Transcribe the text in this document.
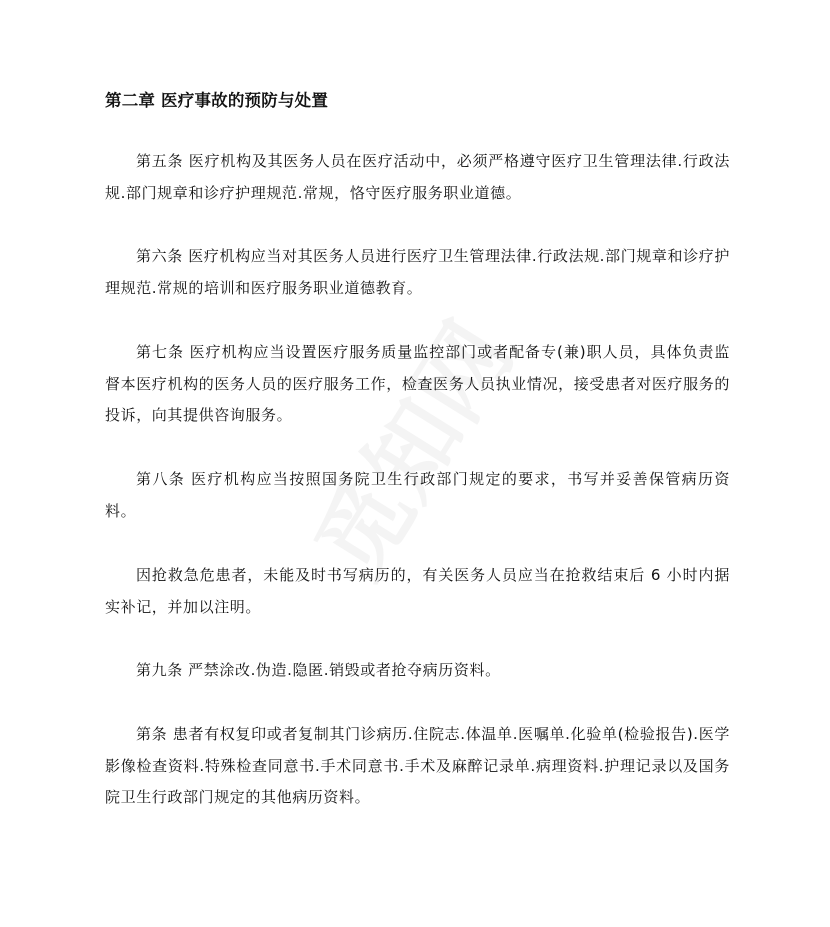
第二章 医疗事故的预防与处置

第五条 医疗机构及其医务人员在医疗活动中，必须严格遵守医疗卫生管理法律.行政法规.部门规章和诊疗护理规范.常规，恪守医疗服务职业道德。

第六条 医疗机构应当对其医务人员进行医疗卫生管理法律.行政法规.部门规章和诊疗护理规范.常规的培训和医疗服务职业道德教育。

第七条 医疗机构应当设置医疗服务质量监控部门或者配备专(兼)职人员，具体负责监督本医疗机构的医务人员的医疗服务工作，检查医务人员执业情况，接受患者对医疗服务的投诉，向其提供咨询服务。

第八条 医疗机构应当按照国务院卫生行政部门规定的要求，书写并妥善保管病历资料。

因抢救急危患者，未能及时书写病历的，有关医务人员应当在抢救结束后 6 小时内据实补记，并加以注明。

第九条 严禁涂改.伪造.隐匿.销毁或者抢夺病历资料。

第条 患者有权复印或者复制其门诊病历.住院志.体温单.医嘱单.化验单(检验报告).医学影像检查资料.特殊检查同意书.手术同意书.手术及麻醉记录单.病理资料.护理记录以及国务院卫生行政部门规定的其他病历资料。
